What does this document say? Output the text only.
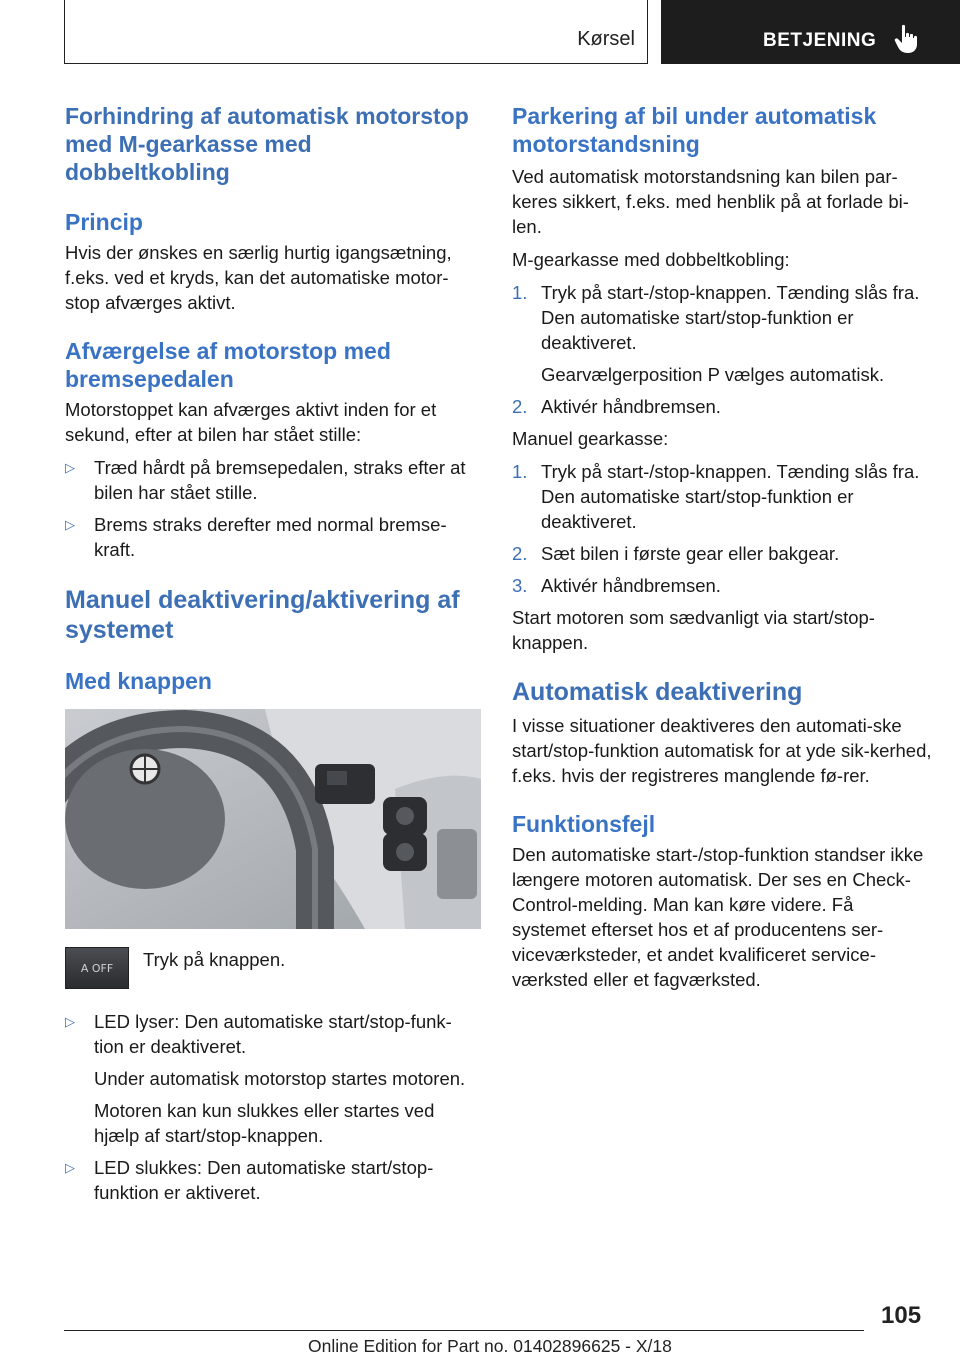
Kørsel	BETJENING
Forhindring af automatisk motorstop med M-gearkasse med dobbeltkobling
Princip

Hvis der ønskes en særlig hurtig igangsætning, f.eks. ved et kryds, kan det automatiske motor-stop afværges aktivt.

Afværgelse af motorstop med bremsepedalen

Motorstoppet kan afværges aktivt inden for et sekund, efter at bilen har stået stille:

▷	Træd hårdt på bremsepedalen, straks efter at bilen har stået stille.
▷	Brems straks derefter med normal bremse-kraft.
Manuel deaktivering/aktivering af systemet
Med knappen
A OFF Tryk på knappen.
▷	LED lyser: Den automatiske start/stop-funk-tion er deaktiveret.

Under automatisk motorstop startes motoren.

Motoren kan kun slukkes eller startes ved hjælp af start/stop-knappen.

▷	LED slukkes: Den automatiske start/stop-funktion er aktiveret.
Parkering af bil under automatisk motorstandsning

Ved automatisk motorstandsning kan bilen par-keres sikkert, f.eks. med henblik på at forlade bi-len.

M-gearkasse med dobbeltkobling:

1. Tryk på start-/stop-knappen. Tænding slås fra. Den automatiske start/stop-funktion er deaktiveret.

Gearvælgerposition P vælges automatisk.

2. Aktivér håndbremsen.

Manuel gearkasse:

1. Tryk på start-/stop-knappen. Tænding slås fra. Den automatiske start/stop-funktion er deaktiveret.
2. Sæt bilen i første gear eller bakgear.
3. Aktivér håndbremsen.

Start motoren som sædvanligt via start/stop-knappen.

Automatisk deaktivering

I visse situationer deaktiveres den automati-ske start/stop-funktion automatisk for at yde sik-kerhed, f.eks. hvis der registreres manglende fø-rer.

Funktionsfejl

Den automatiske start-/stop-funktion standser ikke længere motoren automatisk. Der ses en Check-Control-melding. Man kan køre videre. Få systemet efterset hos et af producentens ser-viceværksteder, et andet kvalificeret service-værksted eller et fagværksted.

105
Online Edition for Part no. 01402896625 - X/18
